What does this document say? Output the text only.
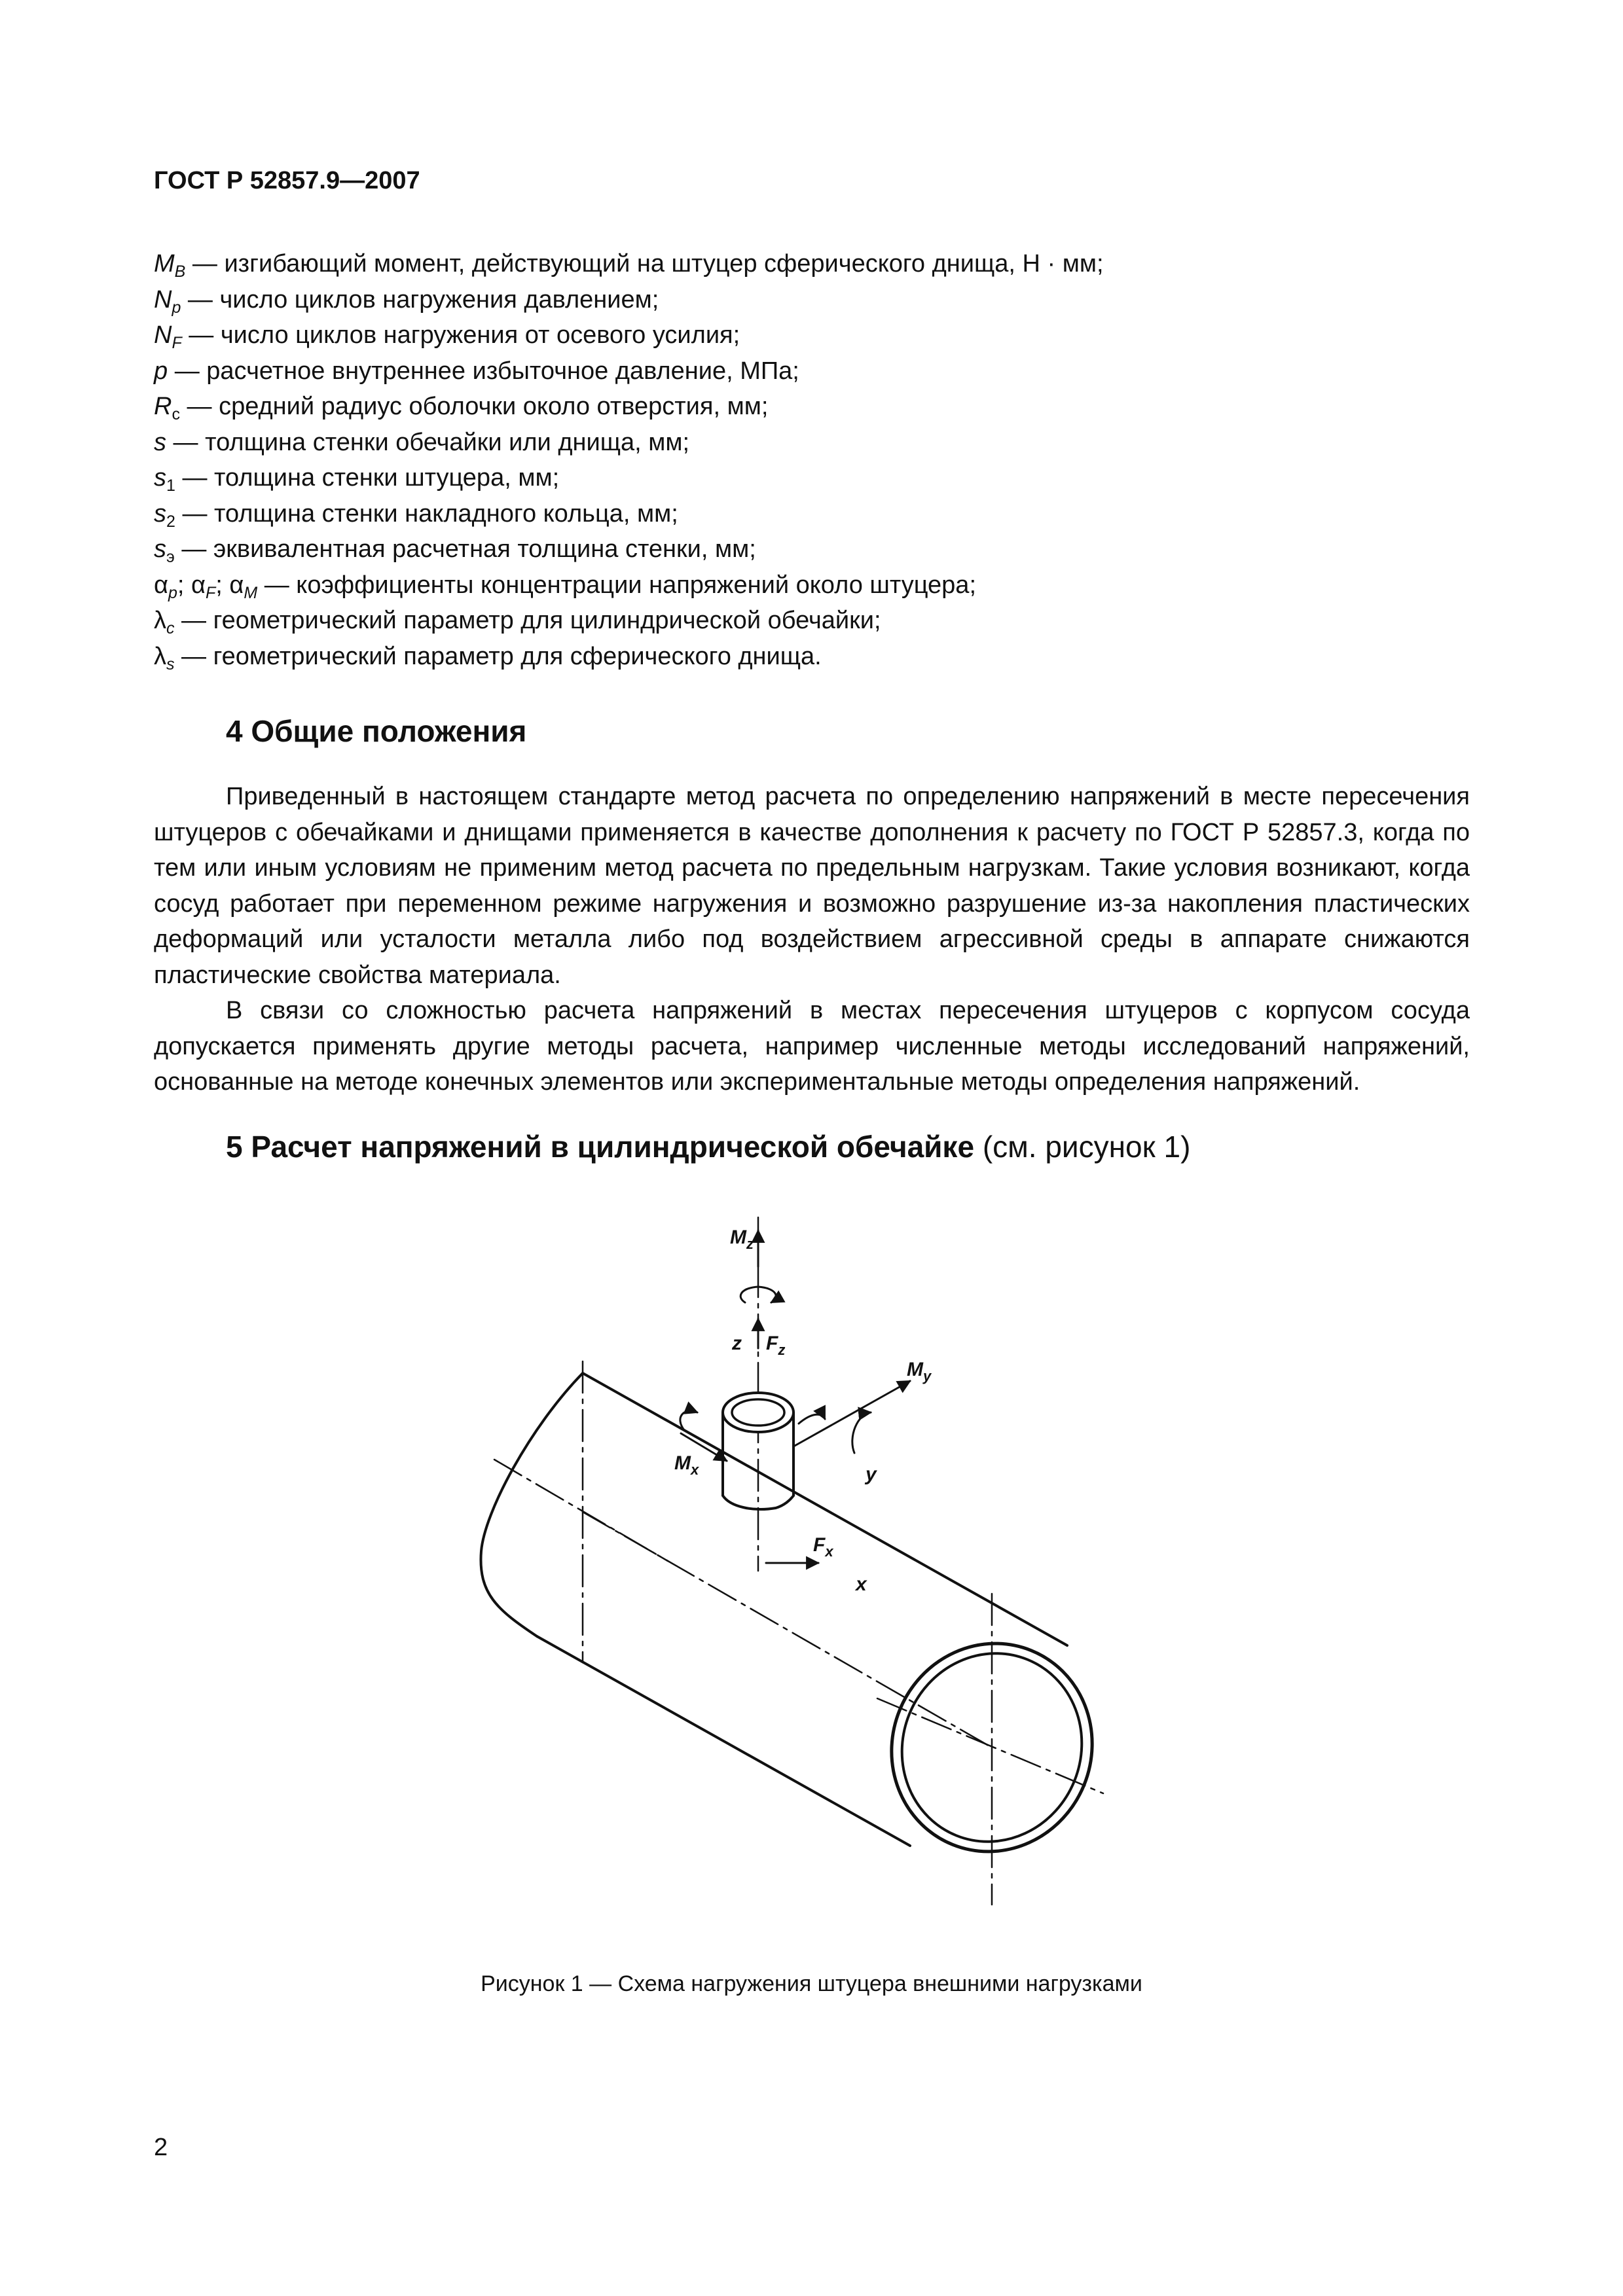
ГОСТ Р 52857.9—2007
$M_B$ — изгибающий момент, действующий на штуцер сферического днища, Н · мм;
$N_p$ — число циклов нагружения давлением;
$N_F$ — число циклов нагружения от осевого усилия;
p — расчетное внутреннее избыточное давление, МПа;
$R_c$ — средний радиус оболочки около отверстия, мм;
s — толщина стенки обечайки или днища, мм;
$s_1$ — толщина стенки штуцера, мм;
$s_2$ — толщина стенки накладного кольца, мм;
$s_э$ — эквивалентная расчетная толщина стенки, мм;
$\alpha_p$; $\alpha_F$; $\alpha_M$ — коэффициенты концентрации напряжений около штуцера;
$\lambda_c$ — геометрический параметр для цилиндрической обечайки;
$\lambda_s$ — геометрический параметр для сферического днища.
4 Общие положения

Приведенный в настоящем стандарте метод расчета по определению напряжений в месте пересечения штуцеров с обечайками и днищами применяется в качестве дополнения к расчету по ГОСТ Р 52857.3, когда по тем или иным условиям не применим метод расчета по предельным нагрузкам. Такие условия возникают, когда сосуд работает при переменном режиме нагружения и возможно разрушение из-за накопления пластических деформаций или усталости металла либо под воздействием агрессивной среды в аппарате снижаются пластические свойства материала.

В связи со сложностью расчета напряжений в местах пересечения штуцеров с корпусом сосуда допускается применять другие методы расчета, например численные методы исследований напряжений, основанные на методе конечных элементов или экспериментальные методы определения напряжений.

5 Расчет напряжений в цилиндрической обечайке (см. рисунок 1)
$M_z$
z $F_z$
$M_y$
y
$M_x$
$F_x$
x
Рисунок 1 — Схема нагружения штуцера внешними нагрузками
2
